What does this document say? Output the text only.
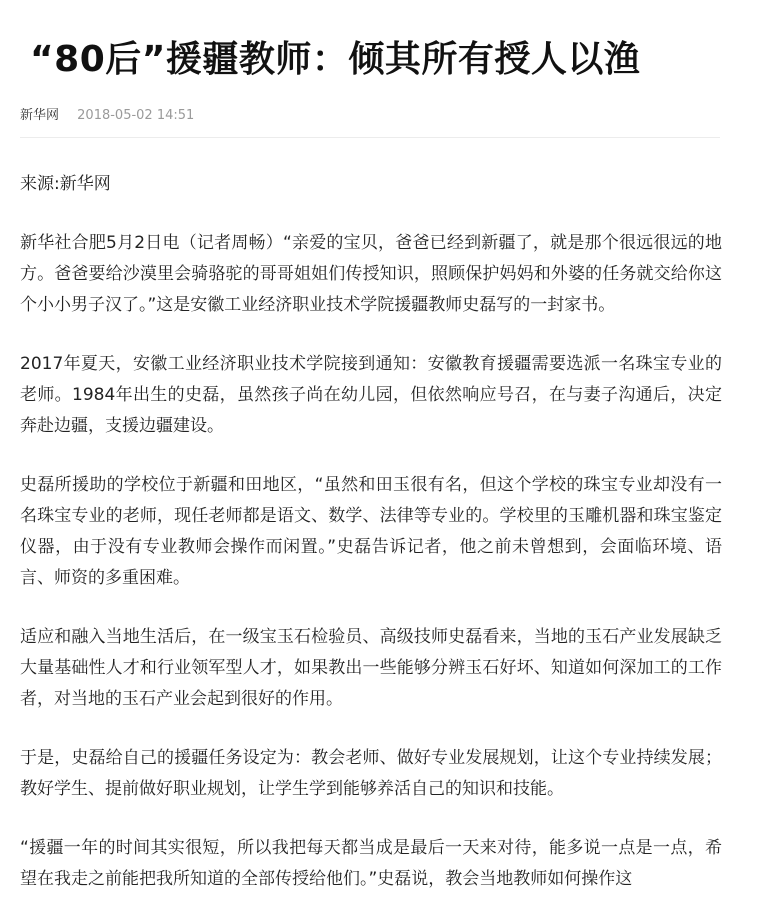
“80后”援疆教师：倾其所有授人以渔
新华网 2018-05-02 14:51

来源:新华网

新华社合肥5月2日电（记者周畅）“亲爱的宝贝，爸爸已经到新疆了，就是那个很远很远的地方。爸爸要给沙漠里会骑骆驼的哥哥姐姐们传授知识，照顾保护妈妈和外婆的任务就交给你这个小小男子汉了。”这是安徽工业经济职业技术学院援疆教师史磊写的一封家书。

2017年夏天，安徽工业经济职业技术学院接到通知：安徽教育援疆需要选派一名珠宝专业的老师。1984年出生的史磊，虽然孩子尚在幼儿园，但依然响应号召，在与妻子沟通后，决定奔赴边疆，支援边疆建设。

史磊所援助的学校位于新疆和田地区，“虽然和田玉很有名，但这个学校的珠宝专业却没有一名珠宝专业的老师，现任老师都是语文、数学、法律等专业的。学校里的玉雕机器和珠宝鉴定仪器，由于没有专业教师会操作而闲置。”史磊告诉记者，他之前未曾想到，会面临环境、语言、师资的多重困难。

适应和融入当地生活后，在一级宝玉石检验员、高级技师史磊看来，当地的玉石产业发展缺乏大量基础性人才和行业领军型人才，如果教出一些能够分辨玉石好坏、知道如何深加工的工作者，对当地的玉石产业会起到很好的作用。

于是，史磊给自己的援疆任务设定为：教会老师、做好专业发展规划，让这个专业持续发展；教好学生、提前做好职业规划，让学生学到能够养活自己的知识和技能。

“援疆一年的时间其实很短，所以我把每天都当成是最后一天来对待，能多说一点是一点，希望在我走之前能把我所知道的全部传授给他们。”史磊说，教会当地教师如何操作这
